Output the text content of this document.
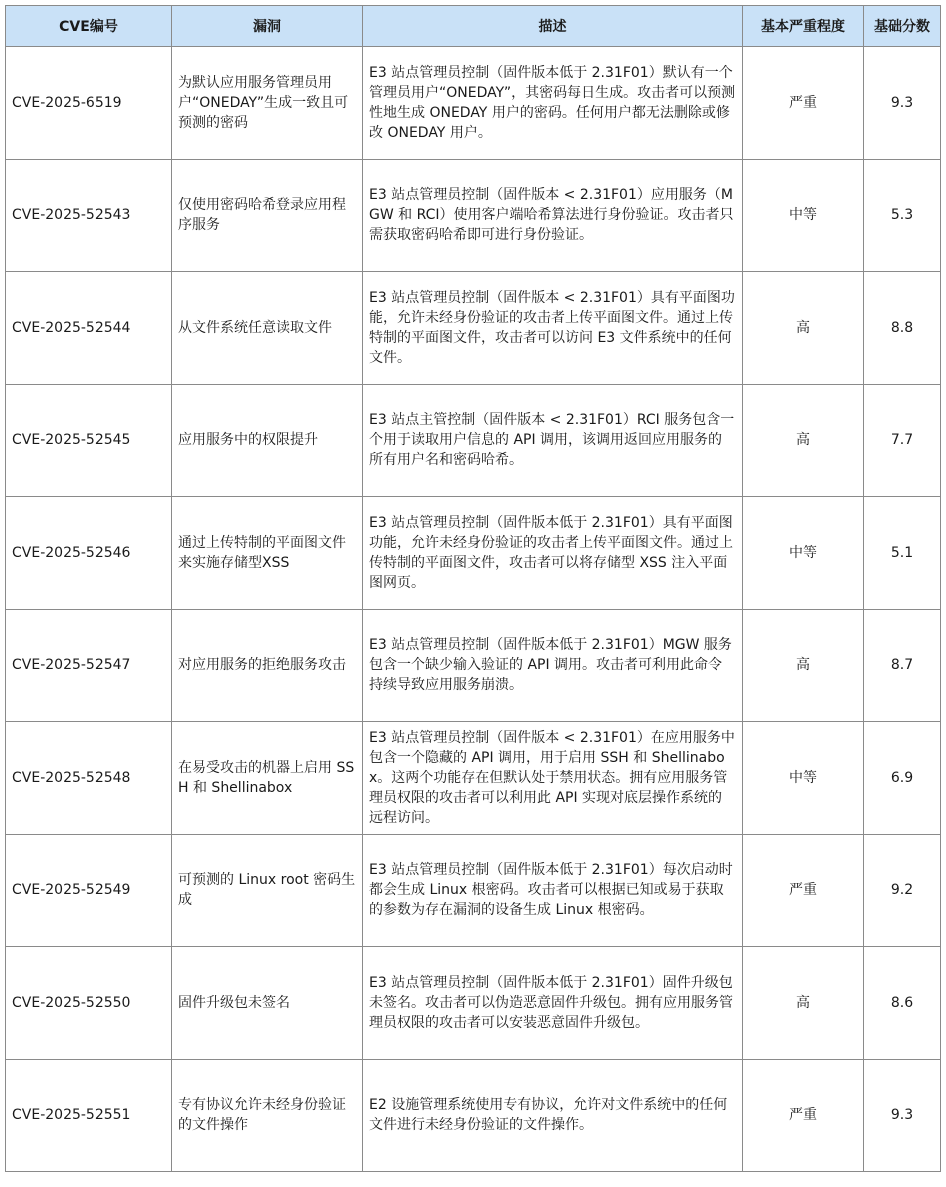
CVE编号	漏洞	描述	基本严重程度	基础分数
CVE-2025-6519	为默认应用服务管理员用户“ONEDAY”生成一致且可预测的密码	E3 站点管理员控制（固件版本低于 2.31F01）默认有一个管理员用户“ONEDAY”，其密码每日生成。攻击者可以预测性地生成 ONEDAY 用户的密码。任何用户都无法删除或修改 ONEDAY 用户。	严重	9.3
CVE-2025-52543	仅使用密码哈希登录应用程序服务	E3 站点管理员控制（固件版本 < 2.31F01）应用服务（MGW 和 RCI）使用客户端哈希算法进行身份验证。攻击者只需获取密码哈希即可进行身份验证。	中等	5.3
CVE-2025-52544	从文件系统任意读取文件	E3 站点管理员控制（固件版本 < 2.31F01）具有平面图功能，允许未经身份验证的攻击者上传平面图文件。通过上传特制的平面图文件，攻击者可以访问 E3 文件系统中的任何文件。	高	8.8
CVE-2025-52545	应用服务中的权限提升	E3 站点主管控制（固件版本 < 2.31F01）RCI 服务包含一个用于读取用户信息的 API 调用，该调用返回应用服务的所有用户名和密码哈希。	高	7.7
CVE-2025-52546	通过上传特制的平面图文件来实施存储型XSS	E3 站点管理员控制（固件版本低于 2.31F01）具有平面图功能，允许未经身份验证的攻击者上传平面图文件。通过上传特制的平面图文件，攻击者可以将存储型 XSS 注入平面图网页。	中等	5.1
CVE-2025-52547	对应用服务的拒绝服务攻击	E3 站点管理员控制（固件版本低于 2.31F01）MGW 服务包含一个缺少输入验证的 API 调用。攻击者可利用此命令持续导致应用服务崩溃。	高	8.7
CVE-2025-52548	在易受攻击的机器上启用 SSH 和 Shellinabox	E3 站点管理员控制（固件版本 < 2.31F01）在应用服务中包含一个隐藏的 API 调用，用于启用 SSH 和 Shellinabox。这两个功能存在但默认处于禁用状态。拥有应用服务管理员权限的攻击者可以利用此 API 实现对底层操作系统的远程访问。	中等	6.9
CVE-2025-52549	可预测的 Linux root 密码生成	E3 站点管理员控制（固件版本低于 2.31F01）每次启动时都会生成 Linux 根密码。攻击者可以根据已知或易于获取的参数为存在漏洞的设备生成 Linux 根密码。	严重	9.2
CVE-2025-52550	固件升级包未签名	E3 站点管理员控制（固件版本低于 2.31F01）固件升级包未签名。攻击者可以伪造恶意固件升级包。拥有应用服务管理员权限的攻击者可以安装恶意固件升级包。	高	8.6
CVE-2025-52551	专有协议允许未经身份验证的文件操作	E2 设施管理系统使用专有协议，允许对文件系统中的任何文件进行未经身份验证的文件操作。	严重	9.3
